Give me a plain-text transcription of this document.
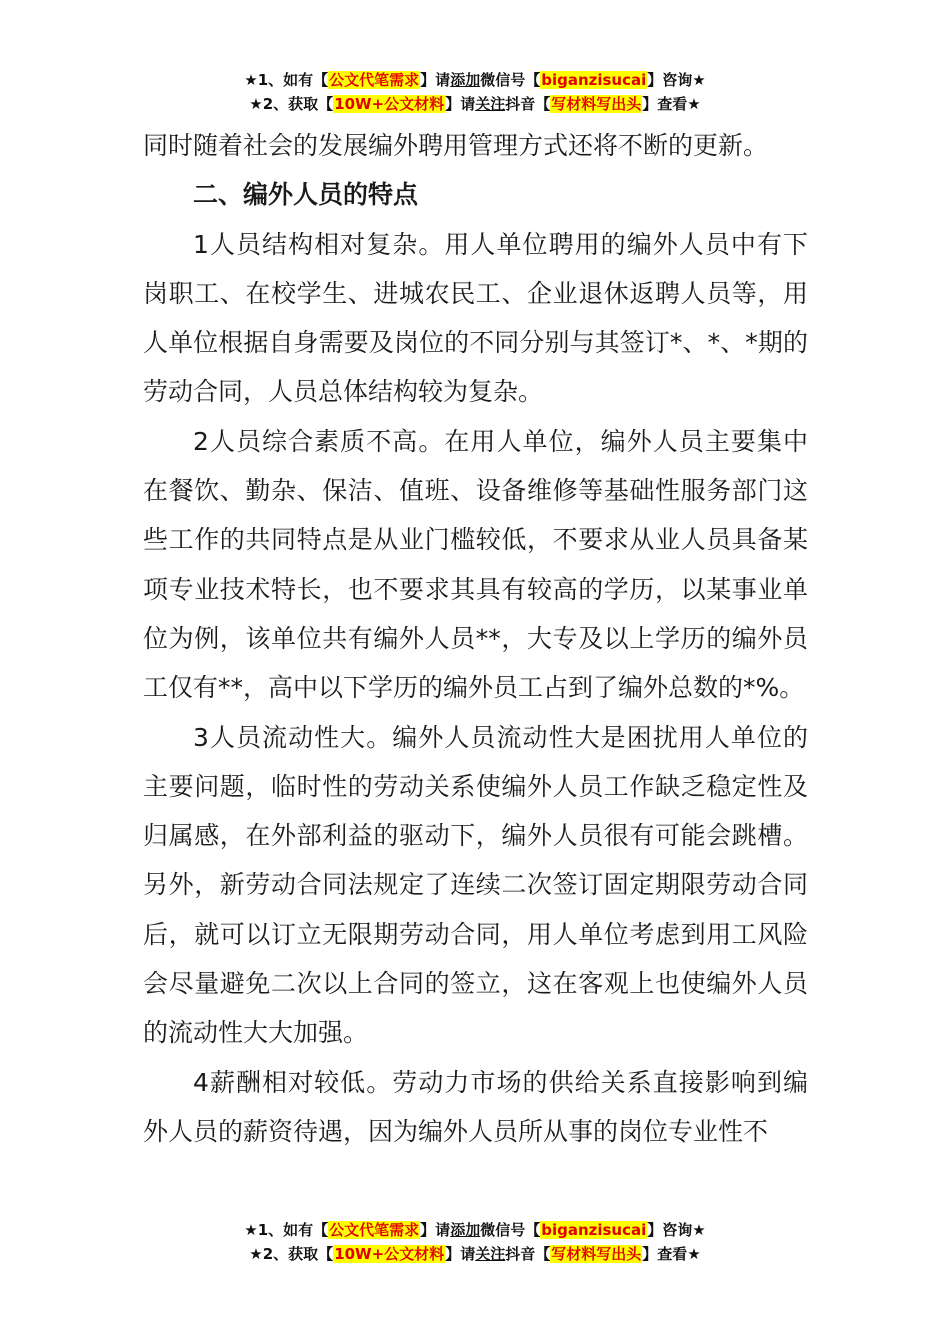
★1、如有【公文代笔需求】请添加微信号【biganzisucai】咨询★
★2、获取【10W+公文材料】请关注抖音【写材料写出头】查看★

同时随着社会的发展编外聘用管理方式还将不断的更新。

二、编外人员的特点

1人员结构相对复杂。用人单位聘用的编外人员中有下岗职工、在校学生、进城农民工、企业退休返聘人员等，用人单位根据自身需要及岗位的不同分别与其签订*、*、*期的劳动合同，人员总体结构较为复杂。

2人员综合素质不高。在用人单位，编外人员主要集中在餐饮、勤杂、保洁、值班、设备维修等基础性服务部门这些工作的共同特点是从业门槛较低，不要求从业人员具备某项专业技术特长，也不要求其具有较高的学历，以某事业单位为例，该单位共有编外人员**，大专及以上学历的编外员工仅有**，高中以下学历的编外员工占到了编外总数的*%。

3人员流动性大。编外人员流动性大是困扰用人单位的主要问题，临时性的劳动关系使编外人员工作缺乏稳定性及归属感，在外部利益的驱动下，编外人员很有可能会跳槽。另外，新劳动合同法规定了连续二次签订固定期限劳动合同后，就可以订立无限期劳动合同，用人单位考虑到用工风险会尽量避免二次以上合同的签立，这在客观上也使编外人员的流动性大大加强。

4薪酬相对较低。劳动力市场的供给关系直接影响到编外人员的薪资待遇，因为编外人员所从事的岗位专业性不

★1、如有【公文代笔需求】请添加微信号【biganzisucai】咨询★
★2、获取【10W+公文材料】请关注抖音【写材料写出头】查看★
